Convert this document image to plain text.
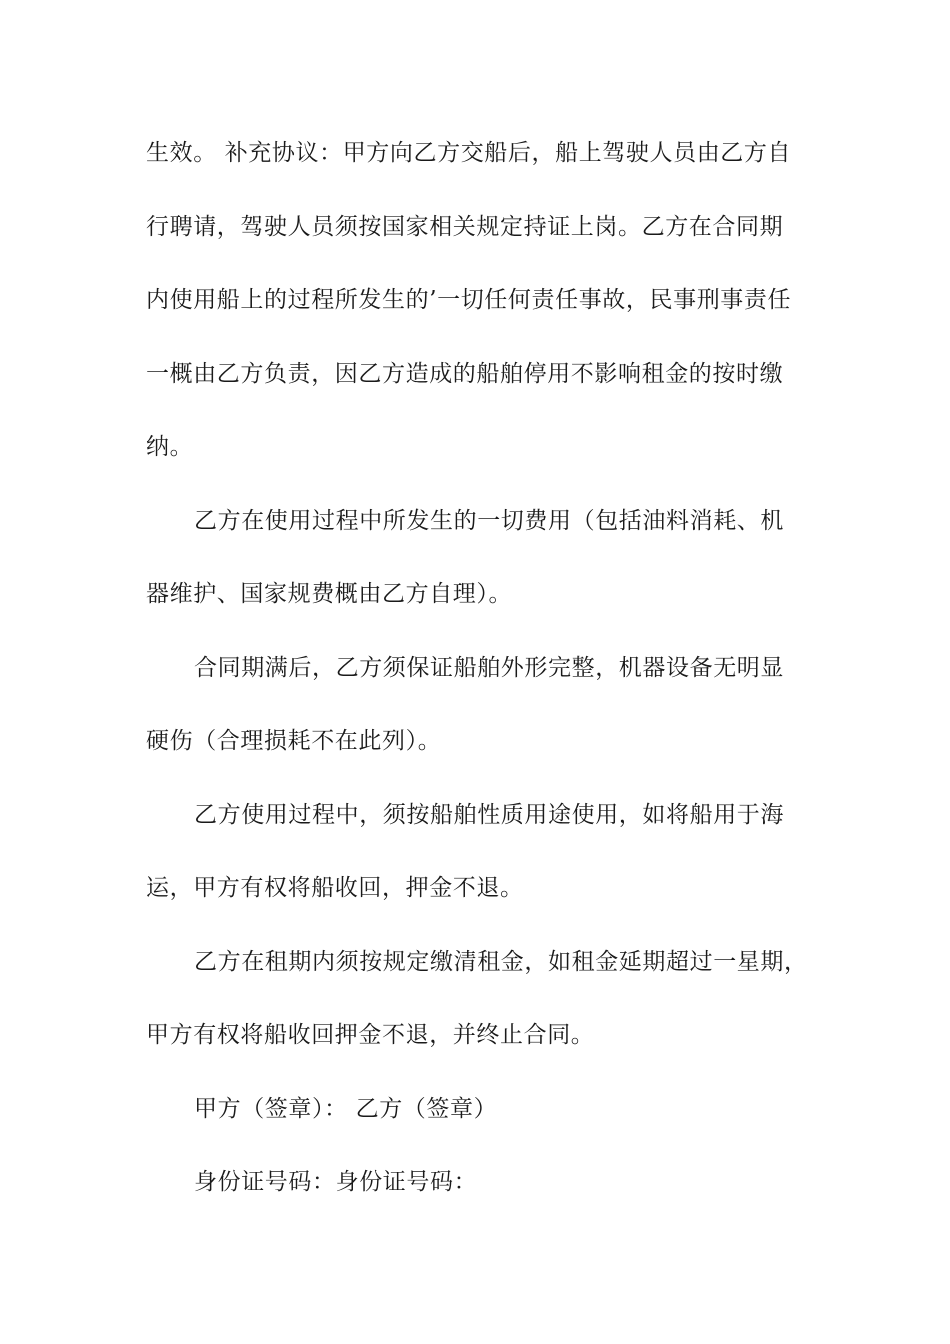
生效。 补充协议：甲方向乙方交船后，船上驾驶人员由乙方自
行聘请，驾驶人员须按国家相关规定持证上岗。乙方在合同期
内使用船上的过程所发生的’一切任何责任事故，民事刑事责任
一概由乙方负责，因乙方造成的船舶停用不影响租金的按时缴
纳。
乙方在使用过程中所发生的一切费用（包括油料消耗、机
器维护、国家规费概由乙方自理）。
合同期满后，乙方须保证船舶外形完整，机器设备无明显
硬伤（合理损耗不在此列）。
乙方使用过程中，须按船舶性质用途使用，如将船用于海
运，甲方有权将船收回，押金不退。
乙方在租期内须按规定缴清租金，如租金延期超过一星期，
甲方有权将船收回押金不退，并终止合同。
甲方（签章）： 乙方（签章）
身份证号码：身份证号码：
